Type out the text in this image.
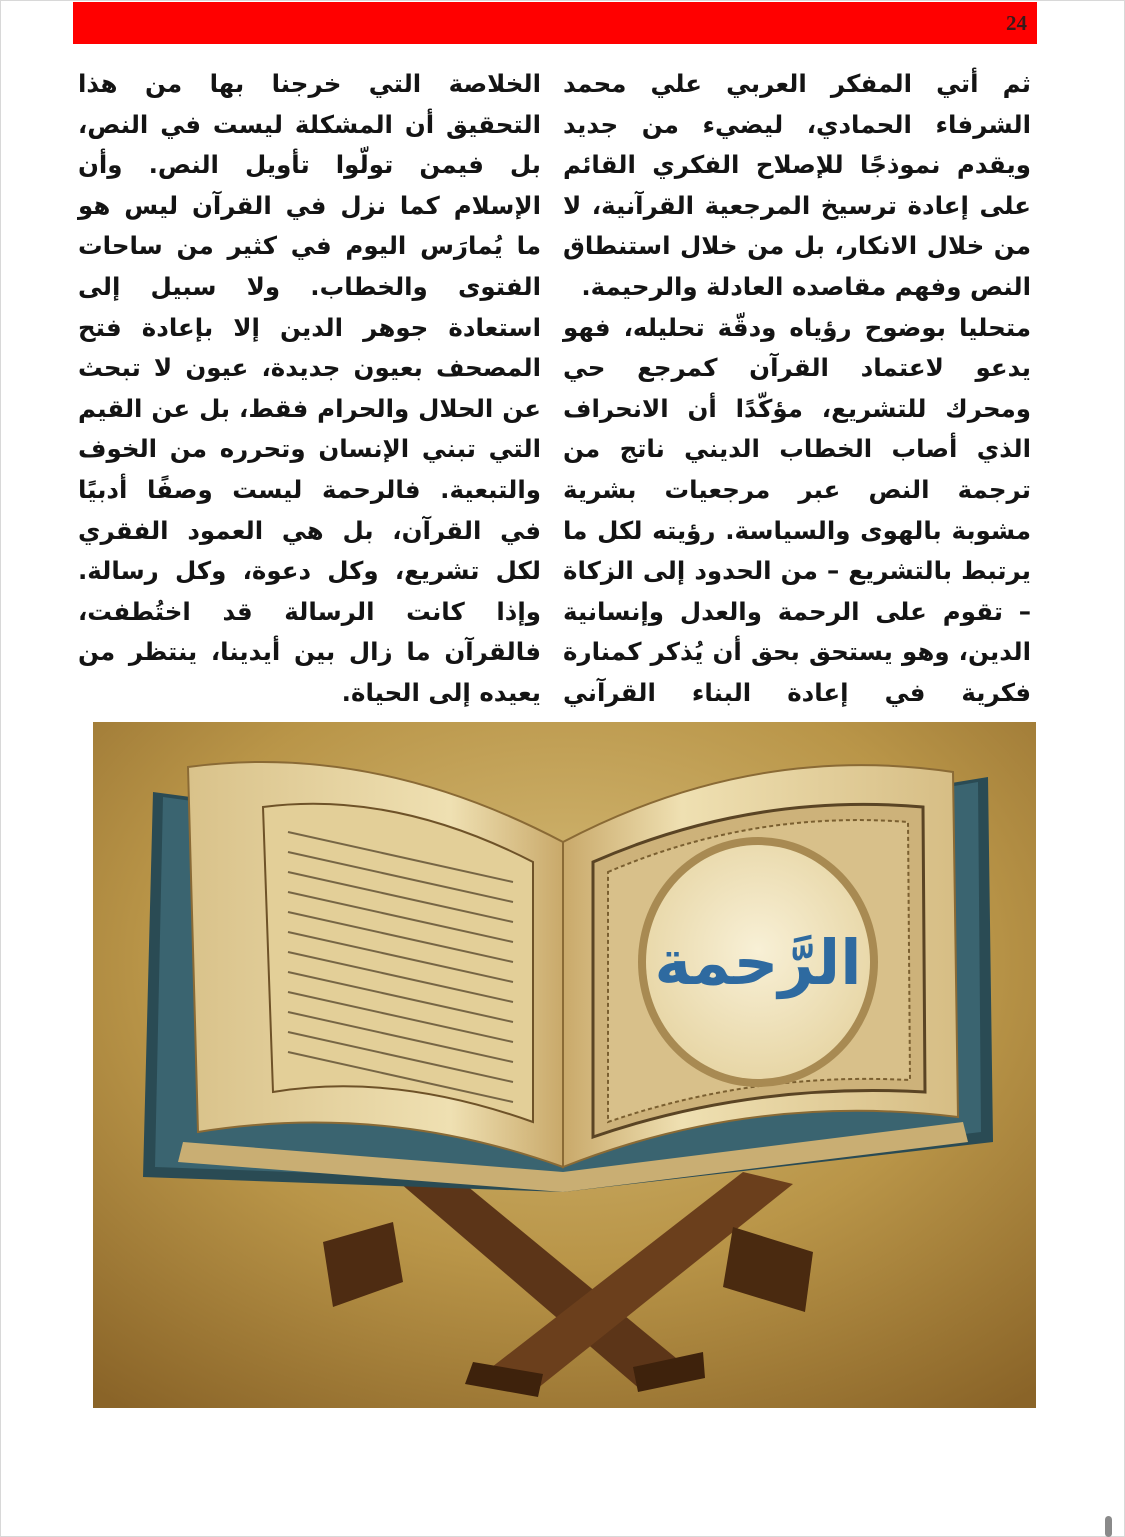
24

ثم أتي المفكر العربي علي محمد الشرفاء الحمادي، ليضيء من جديد ويقدم نموذجًا للإصلاح الفكري القائم على إعادة ترسيخ المرجعية القرآنية، لا من خلال الانكار، بل من خلال استنطاق النص وفهم مقاصده العادلة والرحيمة.

متحليا بوضوح رؤياه ودقّة تحليله، فهو يدعو لاعتماد القرآن كمرجع حي ومحرك للتشريع، مؤكّدًا أن الانحراف الذي أصاب الخطاب الديني ناتج من ترجمة النص عبر مرجعيات بشرية مشوبة بالهوى والسياسة. رؤيته لكل ما يرتبط بالتشريع – من الحدود إلى الزكاة – تقوم على الرحمة والعدل وإنسانية الدين، وهو يستحق بحق أن يُذكر كمنارة فكرية في إعادة البناء القرآني

الخلاصة التي خرجنا بها من هذا التحقيق أن المشكلة ليست في النص، بل فيمن تولّوا تأويل النص. وأن الإسلام كما نزل في القرآن ليس هو ما يُمارَس اليوم في كثير من ساحات الفتوى والخطاب. ولا سبيل إلى استعادة جوهر الدين إلا بإعادة فتح المصحف بعيون جديدة، عيون لا تبحث عن الحلال والحرام فقط، بل عن القيم التي تبني الإنسان وتحرره من الخوف والتبعية. فالرحمة ليست وصفًا أدبيًا في القرآن، بل هي العمود الفقري لكل تشريع، وكل دعوة، وكل رسالة. وإذا كانت الرسالة قد اختُطفت، فالقرآن ما زال بين أيدينا، ينتظر من يعيده إلى الحياة.

الرَّحمة
